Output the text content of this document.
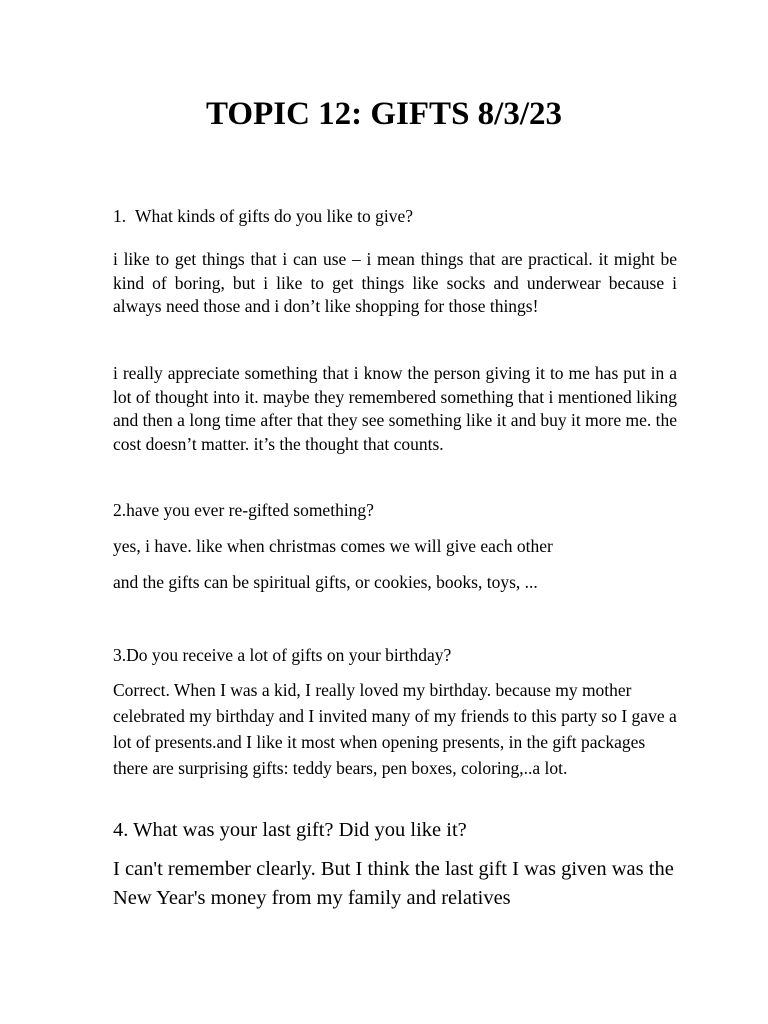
TOPIC 12: GIFTS 8/3/23

1. What kinds of gifts do you like to give?

i like to get things that i can use – i mean things that are practical. it might be kind of boring, but i like to get things like socks and underwear because i always need those and i don’t like shopping for those things!

i really appreciate something that i know the person giving it to me has put in a lot of thought into it. maybe they remembered something that i mentioned liking and then a long time after that they see something like it and buy it more me. the cost doesn’t matter. it’s the thought that counts.

2.have you ever re-gifted something?

yes, i have. like when christmas comes we will give each other

and the gifts can be spiritual gifts, or cookies, books, toys, ...

3.Do you receive a lot of gifts on your birthday?

Correct. When I was a kid, I really loved my birthday. because my mother celebrated my birthday and I invited many of my friends to this party so I gave a lot of presents.and I like it most when opening presents, in the gift packages there are surprising gifts: teddy bears, pen boxes, coloring,..a lot.

4. What was your last gift? Did you like it?

I can't remember clearly. But I think the last gift I was given was the New Year's money from my family and relatives
